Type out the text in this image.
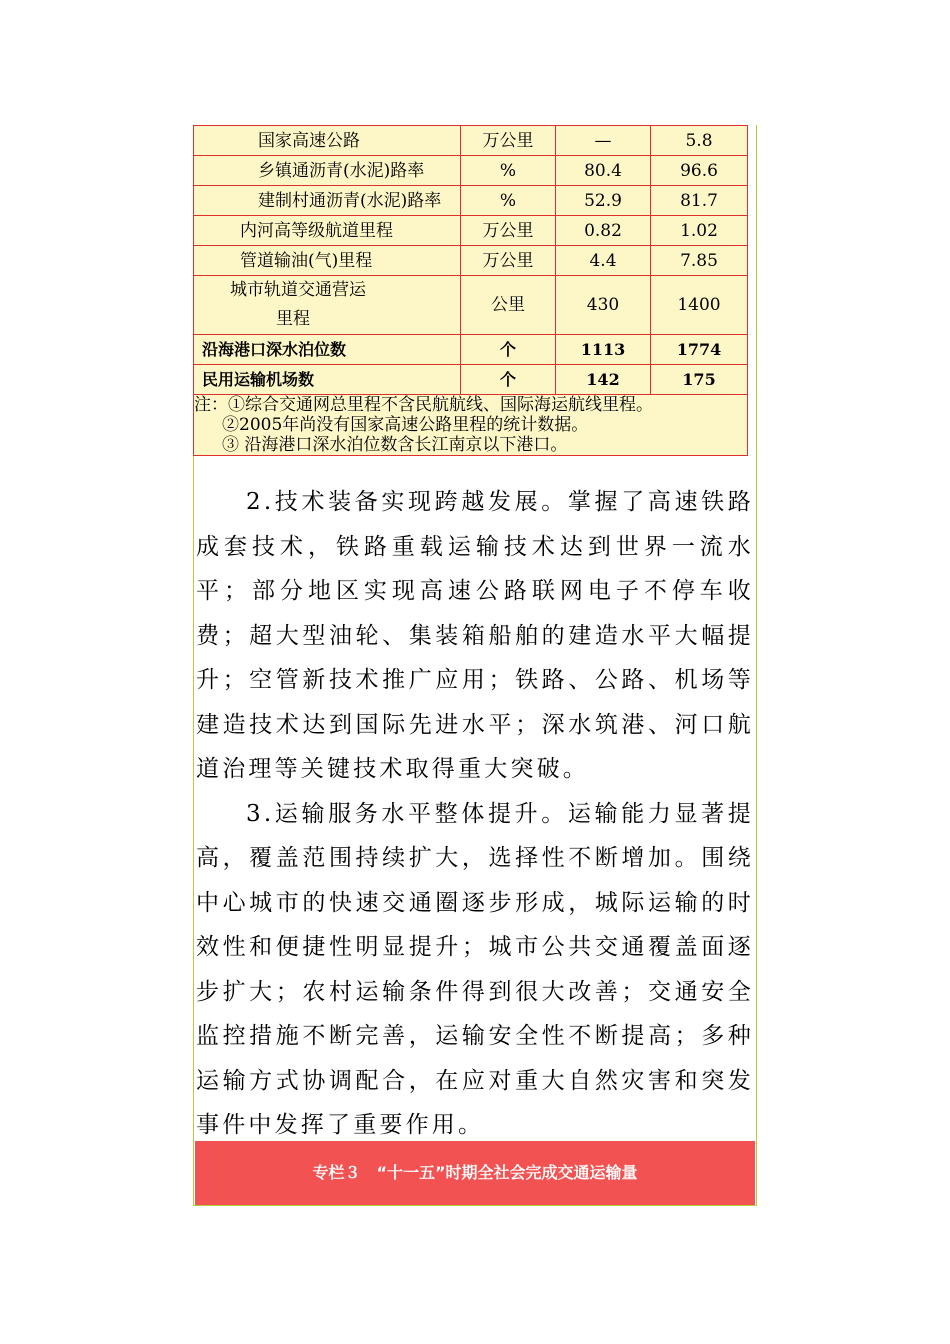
国家高速公路	万公里	—	5.8
乡镇通沥青(水泥)路率	%	80.4	96.6
建制村通沥青(水泥)路率	%	52.9	81.7
内河高等级航道里程	万公里	0.82	1.02
管道输油(气)里程	万公里	4.4	7.85

城市轨道交通营运
里程	公里	430	1400
沿海港口深水泊位数	个	1113	1774
民用运输机场数	个	142	175

注：①综合交通网总里程不含民航航线、国际海运航线里程。
②2005年尚没有国家高速公路里程的统计数据。
③ 沿海港口深水泊位数含长江南京以下港口。			

2.技术装备实现跨越发展。掌握了高速铁路成套技术，铁路重载运输技术达到世界一流水平；部分地区实现高速公路联网电子不停车收费；超大型油轮、集装箱船舶的建造水平大幅提升；空管新技术推广应用；铁路、公路、机场等建造技术达到国际先进水平；深水筑港、河口航道治理等关键技术取得重大突破。

3.运输服务水平整体提升。运输能力显著提高，覆盖范围持续扩大，选择性不断增加。围绕中心城市的快速交通圈逐步形成，城际运输的时效性和便捷性明显提升；城市公共交通覆盖面逐步扩大；农村运输条件得到很大改善；交通安全监控措施不断完善，运输安全性不断提高；多种运输方式协调配合，在应对重大自然灾害和突发事件中发挥了重要作用。

专栏３　“十一五”时期全社会完成交通运输量
